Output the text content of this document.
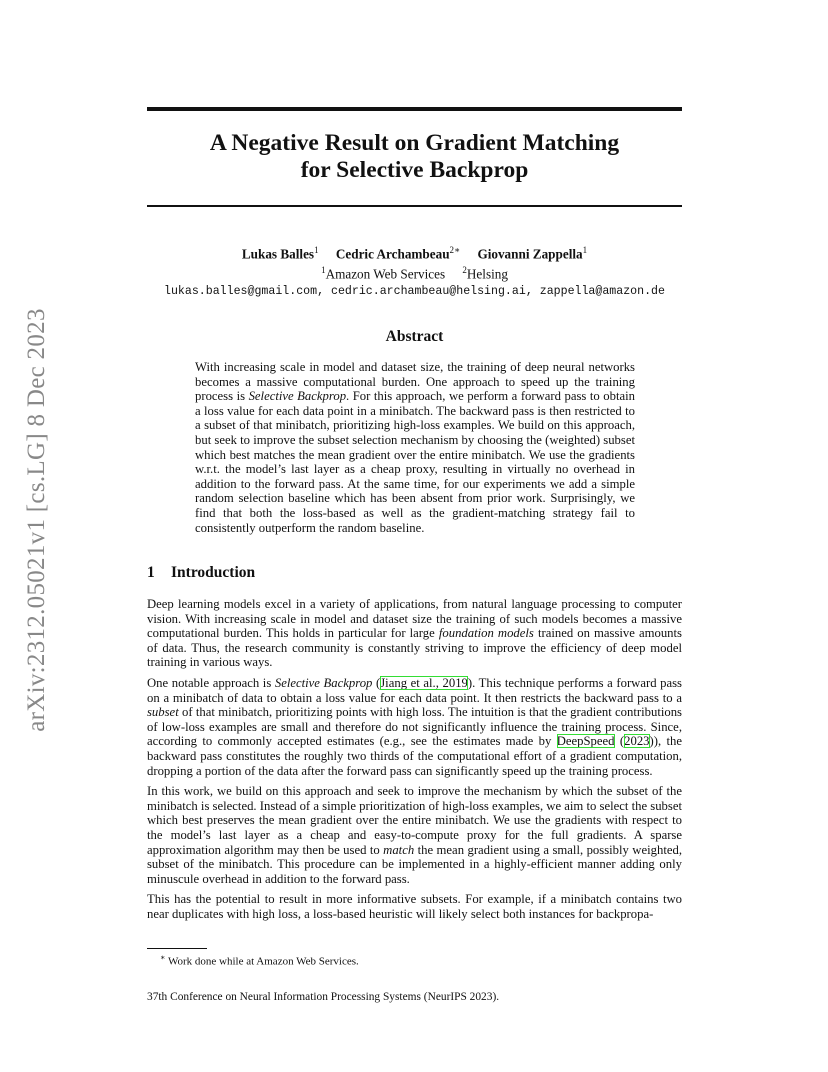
arXiv:2312.05021v1 [cs.LG] 8 Dec 2023
A Negative Result on Gradient Matching
for Selective Backprop
Lukas Balles$^1$ Cedric Archambeau$^{2∗}$ Giovanni Zappella$^1$
$^1$Amazon Web Services $^2$Helsing
lukas.balles@gmail.com, cedric.archambeau@helsing.ai, zappella@amazon.de
Abstract
With increasing scale in model and dataset size, the training of deep neural networks becomes a massive computational burden. One approach to speed up the training process is Selective Backprop. For this approach, we perform a forward pass to obtain a loss value for each data point in a minibatch. The backward pass is then restricted to a subset of that minibatch, prioritizing high-loss examples. We build on this approach, but seek to improve the subset selection mechanism by choosing the (weighted) subset which best matches the mean gradient over the entire minibatch. We use the gradients w.r.t. the model’s last layer as a cheap proxy, resulting in virtually no overhead in addition to the forward pass. At the same time, for our experiments we add a simple random selection baseline which has been absent from prior work. Surprisingly, we find that both the loss-based as well as the gradient-matching strategy fail to consistently outperform the random baseline.
1 Introduction

Deep learning models excel in a variety of applications, from natural language processing to computer vision. With increasing scale in model and dataset size the training of such models becomes a massive computational burden. This holds in particular for large foundation models trained on massive amounts of data. Thus, the research community is constantly striving to improve the efficiency of deep model training in various ways.

One notable approach is Selective Backprop (Jiang et al., 2019). This technique performs a forward pass on a minibatch of data to obtain a loss value for each data point. It then restricts the backward pass to a subset of that minibatch, prioritizing points with high loss. The intuition is that the gradient contributions of low-loss examples are small and therefore do not significantly influence the training process. Since, according to commonly accepted estimates (e.g., see the estimates made by DeepSpeed (2023)), the backward pass constitutes the roughly two thirds of the computational effort of a gradient computation, dropping a portion of the data after the forward pass can significantly speed up the training process.

In this work, we build on this approach and seek to improve the mechanism by which the subset of the minibatch is selected. Instead of a simple prioritization of high-loss examples, we aim to select the subset which best preserves the mean gradient over the entire minibatch. We use the gradients with respect to the model’s last layer as a cheap and easy-to-compute proxy for the full gradients. A sparse approximation algorithm may then be used to match the mean gradient using a small, possibly weighted, subset of the minibatch. This procedure can be implemented in a highly-efficient manner adding only minuscule overhead in addition to the forward pass.

This has the potential to result in more informative subsets. For example, if a minibatch contains two near duplicates with high loss, a loss-based heuristic will likely select both instances for backpropa-

∗ Work done while at Amazon Web Services.
37th Conference on Neural Information Processing Systems (NeurIPS 2023).
